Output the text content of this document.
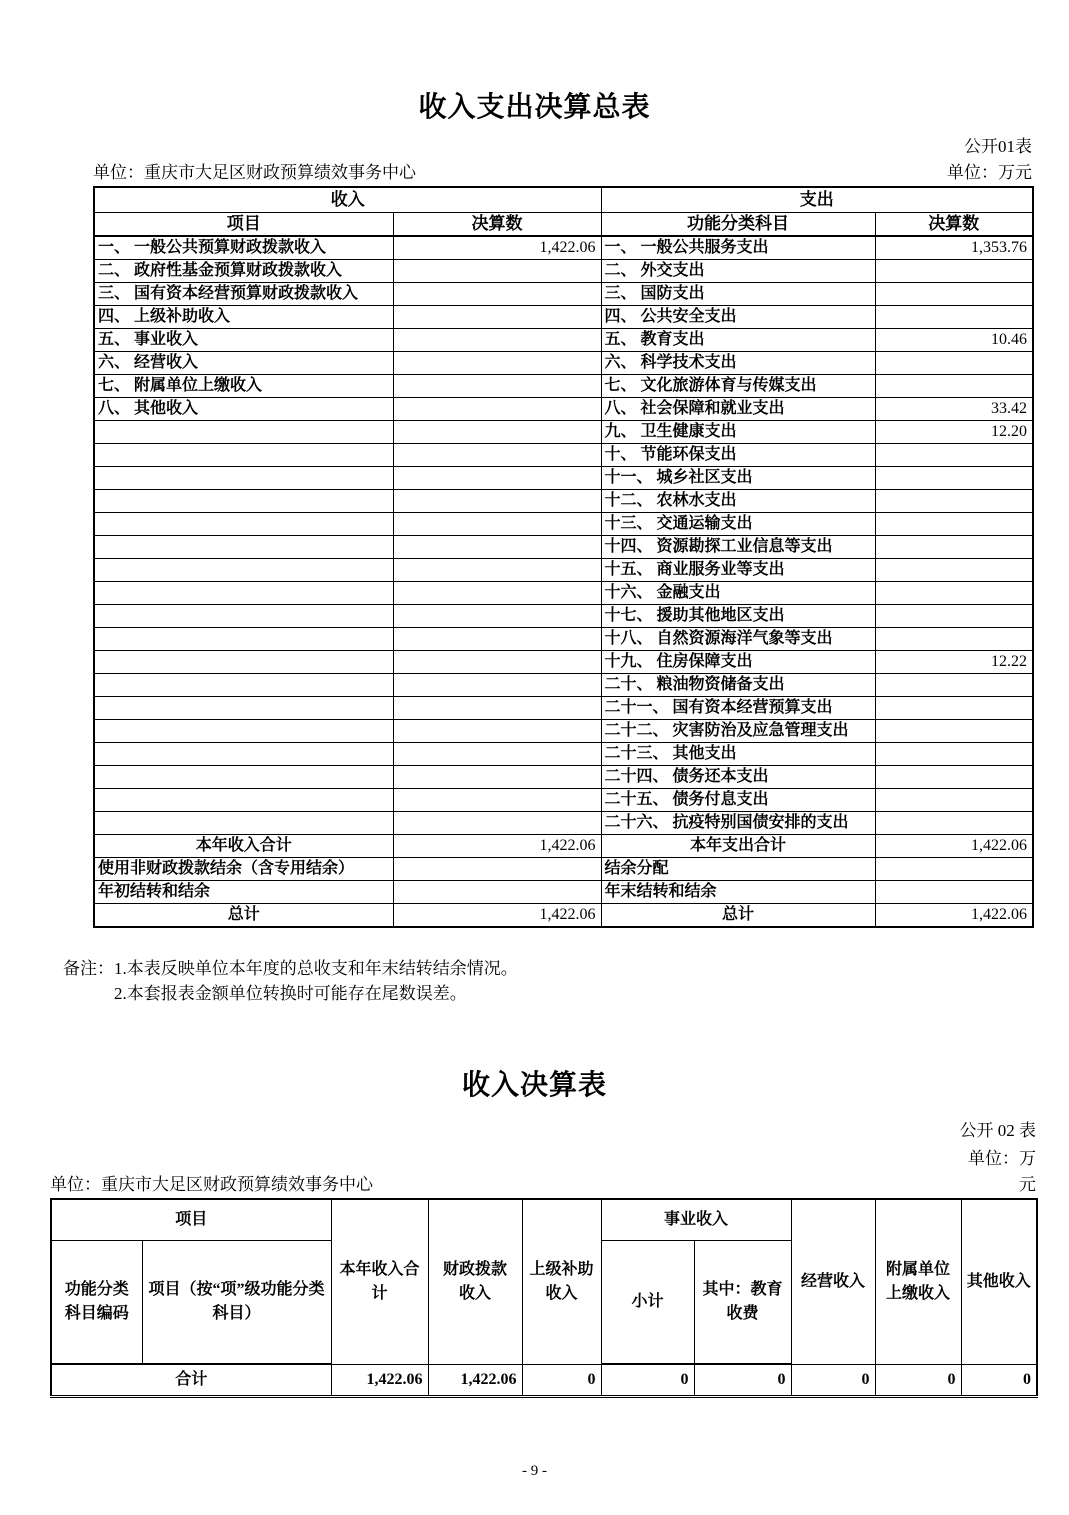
收入支出决算总表
公开01表
单位：重庆市大足区财政预算绩效事务中心	单位：万元
收入		支出	
项目	决算数	功能分类科目	决算数
一、 一般公共预算财政拨款收入	1,422.06	一、 一般公共服务支出	1,353.76
二、 政府性基金预算财政拨款收入		二、 外交支出	
三、 国有资本经营预算财政拨款收入		三、 国防支出	
四、 上级补助收入		四、 公共安全支出	
五、 事业收入		五、 教育支出	10.46
六、 经营收入		六、 科学技术支出	
七、 附属单位上缴收入		七、 文化旅游体育与传媒支出	
八、 其他收入		八、 社会保障和就业支出	33.42
		九、 卫生健康支出	12.20
		十、 节能环保支出	
		十一、 城乡社区支出	
		十二、 农林水支出	
		十三、 交通运输支出	
		十四、 资源勘探工业信息等支出	
		十五、 商业服务业等支出	
		十六、 金融支出	
		十七、 援助其他地区支出	
		十八、 自然资源海洋气象等支出	
		十九、 住房保障支出	12.22
		二十、 粮油物资储备支出	
		二十一、 国有资本经营预算支出	
		二十二、 灾害防治及应急管理支出	
		二十三、 其他支出	
		二十四、 债务还本支出	
		二十五、 债务付息支出	
		二十六、 抗疫特别国债安排的支出	
本年收入合计	1,422.06	本年支出合计	1,422.06
使用非财政拨款结余（含专用结余）		结余分配	
年初结转和结余		年末结转和结余	
总计	1,422.06	总计	1,422.06
备注：1.本表反映单位本年度的总收支和年末结转结余情况。
2.本套报表金额单位转换时可能存在尾数误差。
收入决算表
公开 02 表
单位：万
单位：重庆市大足区财政预算绩效事务中心	元
项目		本年收入合计	财政拨款收入	上级补助收入	事业收入		经营收入	附属单位上缴收入	其他收入
功能分类科目编码	项目（按“项”级功能分类科目）				小计	其中：教育收费			
合计		1,422.06	1,422.06	0	0	0	0	0	0
- 9 -
